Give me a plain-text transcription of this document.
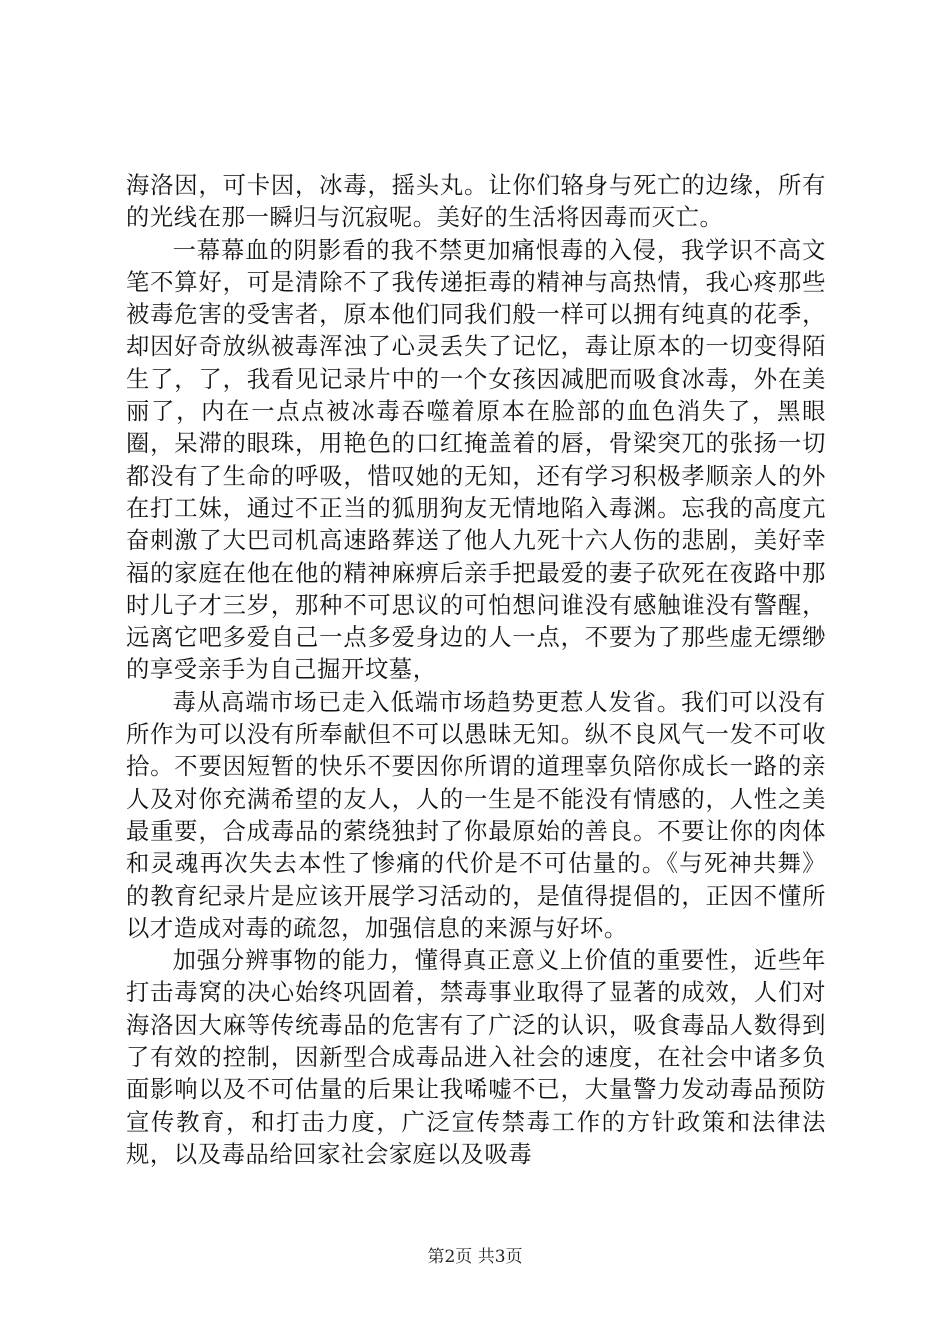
海洛因，可卡因，冰毒，摇头丸。让你们辂身与死亡的边缘，所有的光线在那一瞬归与沉寂呢。美好的生活将因毒而灭亡。

一幕幕血的阴影看的我不禁更加痛恨毒的入侵，我学识不高文笔不算好，可是清除不了我传递拒毒的精神与高热情，我心疼那些被毒危害的受害者，原本他们同我们般一样可以拥有纯真的花季，却因好奇放纵被毒浑浊了心灵丢失了记忆，毒让原本的一切变得陌生了，了，我看见记录片中的一个女孩因减肥而吸食冰毒，外在美丽了，内在一点点被冰毒吞噬着原本在脸部的血色消失了，黑眼圈，呆滞的眼珠，用艳色的口红掩盖着的唇，骨梁突兀的张扬一切都没有了生命的呼吸，惜叹她的无知，还有学习积极孝顺亲人的外在打工妹，通过不正当的狐朋狗友无情地陷入毒渊。忘我的高度亢奋刺激了大巴司机高速路葬送了他人九死十六人伤的悲剧，美好幸福的家庭在他在他的精神麻痹后亲手把最爱的妻子砍死在夜路中那时儿子才三岁，那种不可思议的可怕想问谁没有感触谁没有警醒，远离它吧多爱自己一点多爱身边的人一点，不要为了那些虚无缥缈的享受亲手为自己掘开坟墓，

毒从高端市场已走入低端市场趋势更惹人发省。我们可以没有所作为可以没有所奉献但不可以愚昧无知。纵不良风气一发不可收拾。不要因短暂的快乐不要因你所谓的道理辜负陪你成长一路的亲人及对你充满希望的友人，人的一生是不能没有情感的，人性之美最重要，合成毒品的萦绕独封了你最原始的善良。不要让你的肉体和灵魂再次失去本性了惨痛的代价是不可估量的。《与死神共舞》的教育纪录片是应该开展学习活动的，是值得提倡的，正因不懂所以才造成对毒的疏忽，加强信息的来源与好坏。

加强分辨事物的能力，懂得真正意义上价值的重要性，近些年打击毒窝的决心始终巩固着，禁毒事业取得了显著的成效，人们对海洛因大麻等传统毒品的危害有了广泛的认识，吸食毒品人数得到了有效的控制，因新型合成毒品进入社会的速度，在社会中诸多负面影响以及不可估量的后果让我唏嘘不已，大量警力发动毒品预防宣传教育，和打击力度，广泛宣传禁毒工作的方针政策和法律法规，以及毒品给回家社会家庭以及吸毒

第2页 共3页
